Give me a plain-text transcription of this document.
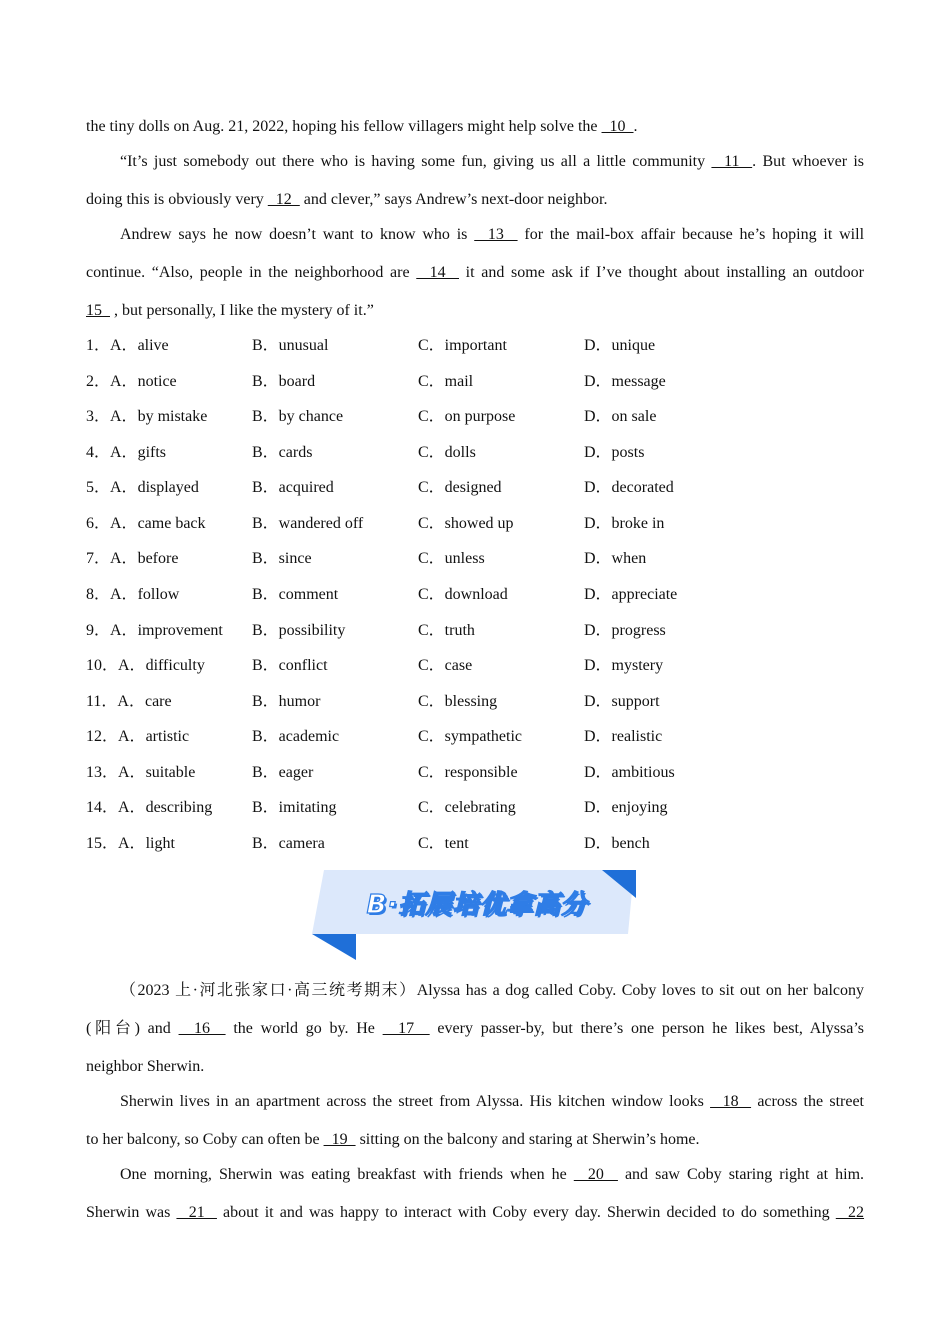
the tiny dolls on Aug. 21, 2022, hoping his fellow villagers might help solve the   10  .
“It’s just somebody out there who is having some fun, giving us all a little community   11  . But whoever is
doing this is obviously very   12   and clever,” says Andrew’s next-door neighbor.
Andrew says he now doesn’t want to know who is   13   for the mail-box affair because he’s hoping it will
continue. “Also, people in the neighborhood are   14   it and some ask if I’ve thought about installing an outdoor
15   , but personally, I like the mystery of it.”
1．A．alive	B．unusual	C．important	D．unique
2．A．notice	B．board	C．mail	D．message
3．A．by mistake	B．by chance	C．on purpose	D．on sale
4．A．gifts	B．cards	C．dolls	D．posts
5．A．displayed	B．acquired	C．designed	D．decorated
6．A．came back	B．wandered off	C．showed up	D．broke in
7．A．before	B．since	C．unless	D．when
8．A．follow	B．comment	C．download	D．appreciate
9．A．improvement B．possibility	C．truth	D．progress
10．A．difficulty	B．conflict	C．case	D．mystery
11．A．care	B．humor	C．blessing	D．support
12．A．artistic	B．academic	C．sympathetic	D．realistic
13．A．suitable	B．eager	C．responsible	D．ambitious
14．A．describing B．imitating	C．celebrating	D．enjoying
15．A．light	B．camera	C．tent	D．bench
B·拓展培优拿高分
（2023 上·河北张家口·高三统考期末）Alyssa has a dog called Coby. Coby loves to sit out on her balcony
(阳台) and   16   the world go by. He   17   every passer-by, but there’s one person he likes best, Alyssa’s
neighbor Sherwin.
Sherwin lives in an apartment across the street from Alyssa. His kitchen window looks   18   across the street
to her balcony, so Coby can often be   19   sitting on the balcony and staring at Sherwin’s home.
One morning, Sherwin was eating breakfast with friends when he   20   and saw Coby staring right at him.
Sherwin was   21   about it and was happy to interact with Coby every day. Sherwin decided to do something   22
